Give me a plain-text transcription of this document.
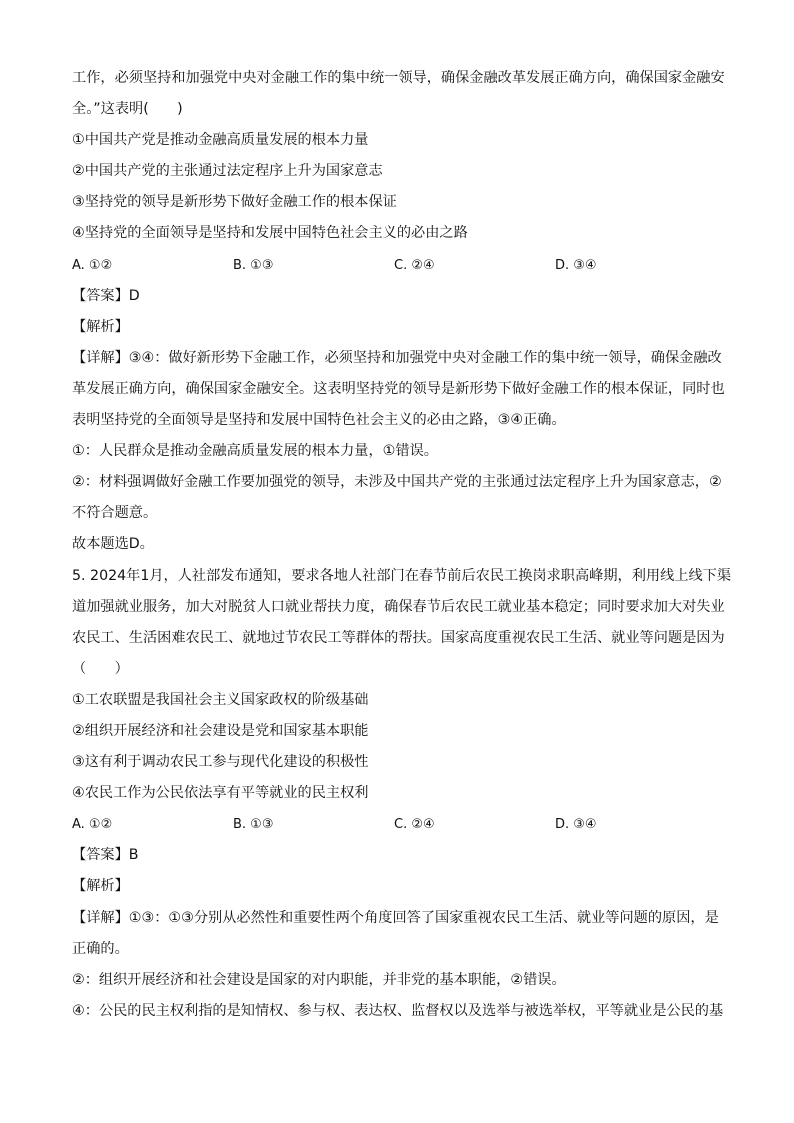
工作，必须坚持和加强党中央对金融工作的集中统一领导，确保金融改革发展正确方向，确保国家金融安
全。”这表明(　　)
①中国共产党是推动金融高质量发展的根本力量
②中国共产党的主张通过法定程序上升为国家意志
③坚持党的领导是新形势下做好金融工作的根本保证
④坚持党的全面领导是坚持和发展中国特色社会主义的必由之路
A. ①②	B. ①③	C. ②④	D. ③④
【答案】D
【解析】
【详解】③④：做好新形势下金融工作，必须坚持和加强党中央对金融工作的集中统一领导，确保金融改
革发展正确方向，确保国家金融安全。这表明坚持党的领导是新形势下做好金融工作的根本保证，同时也
表明坚持党的全面领导是坚持和发展中国特色社会主义的必由之路，③④正确。
①：人民群众是推动金融高质量发展的根本力量，①错误。
②：材料强调做好金融工作要加强党的领导，未涉及中国共产党的主张通过法定程序上升为国家意志，②
不符合题意。
故本题选D。
5. 2024年1月，人社部发布通知，要求各地人社部门在春节前后农民工换岗求职高峰期，利用线上线下渠
道加强就业服务，加大对脱贫人口就业帮扶力度，确保春节后农民工就业基本稳定；同时要求加大对失业
农民工、生活困难农民工、就地过节农民工等群体的帮扶。国家高度重视农民工生活、就业等问题是因为
（　　）
①工农联盟是我国社会主义国家政权的阶级基础
②组织开展经济和社会建设是党和国家基本职能
③这有利于调动农民工参与现代化建设的积极性
④农民工作为公民依法享有平等就业的民主权利
A. ①②	B. ①③	C. ②④	D. ③④
【答案】B
【解析】
【详解】①③：①③分别从必然性和重要性两个角度回答了国家重视农民工生活、就业等问题的原因，是
正确的。
②：组织开展经济和社会建设是国家的对内职能，并非党的基本职能，②错误。
④：公民的民主权利指的是知情权、参与权、表达权、监督权以及选举与被选举权，平等就业是公民的基
